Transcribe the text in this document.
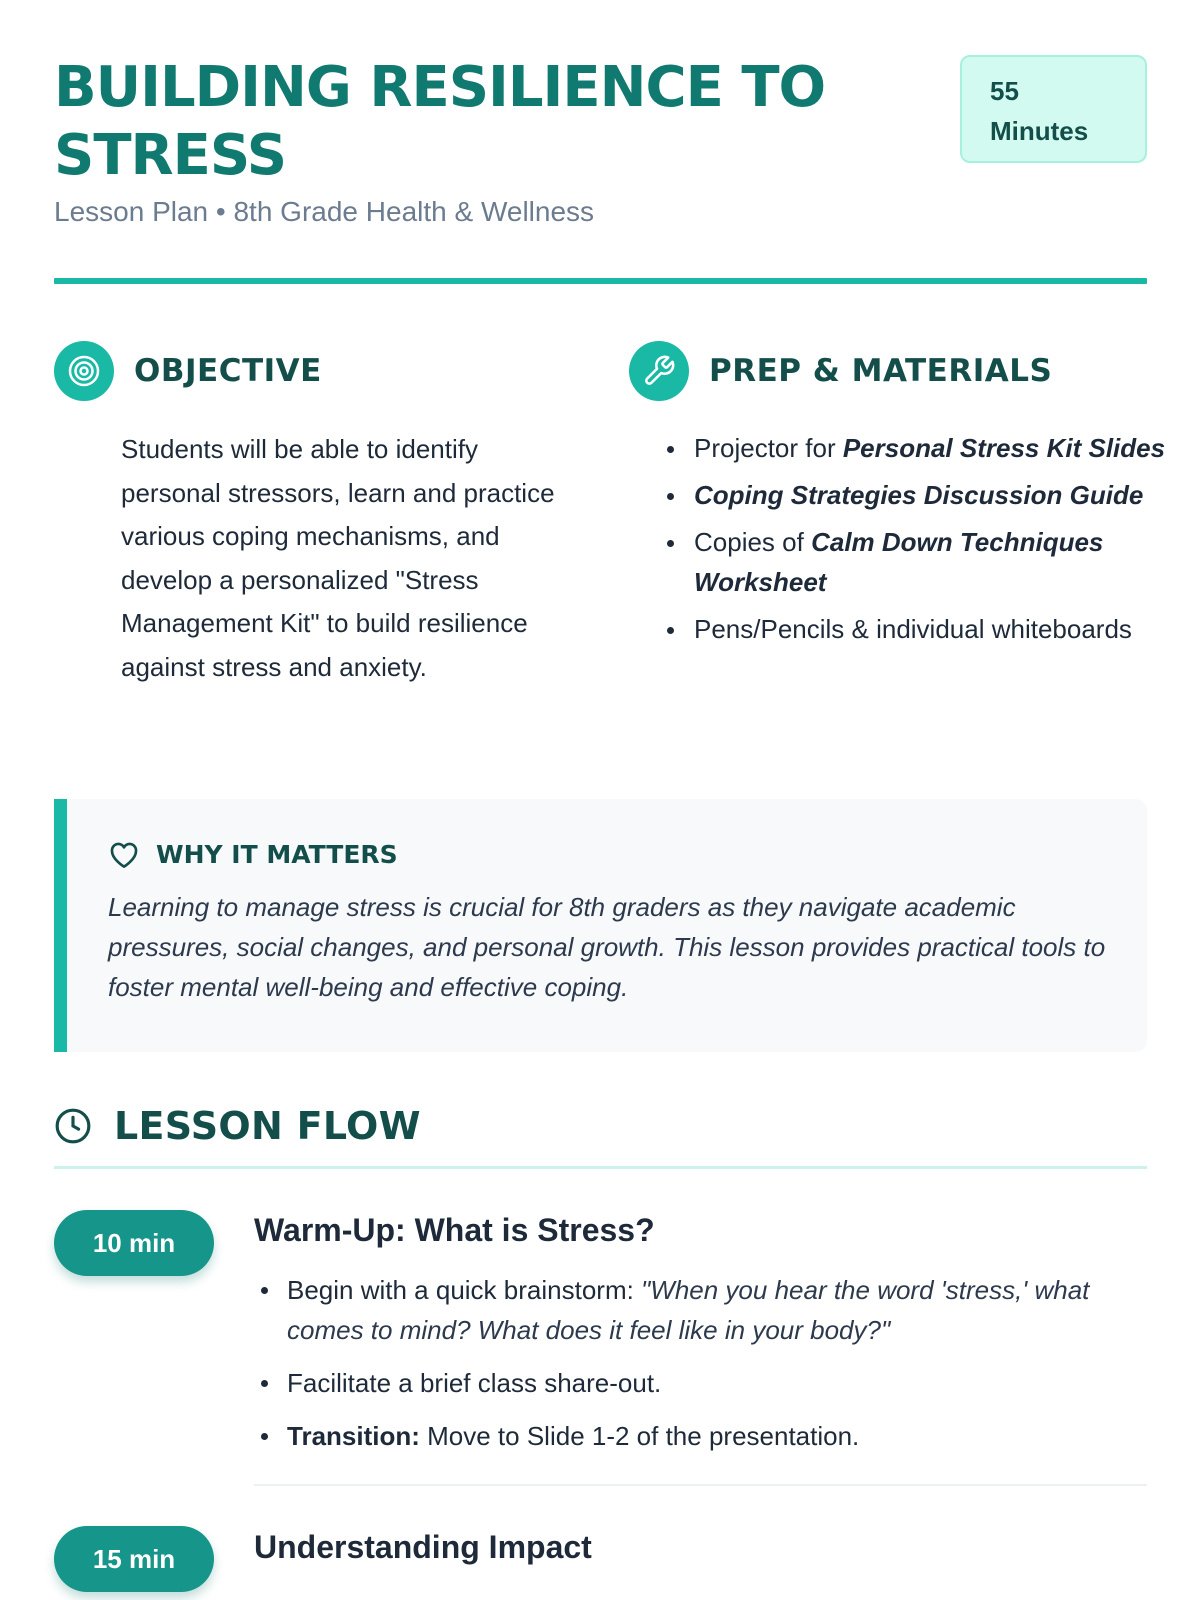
BUILDING RESILIENCE TO STRESS
Lesson Plan • 8th Grade Health & Wellness
55
Minutes
OBJECTIVE

Students will be able to identify personal stressors, learn and practice various coping mechanisms, and develop a personalized "Stress Management Kit" to build resilience against stress and anxiety.

PREP & MATERIALS
Projector for Personal Stress Kit Slides
Coping Strategies Discussion Guide
Copies of Calm Down Techniques Worksheet
Pens/Pencils & individual whiteboards
WHY IT MATTERS

Learning to manage stress is crucial for 8th graders as they navigate academic pressures, social changes, and personal growth. This lesson provides practical tools to foster mental well-being and effective coping.

LESSON FLOW
10 min	Warm-Up: What is Stress?
Begin with a quick brainstorm: "When you hear the word 'stress,' what comes to mind? What does it feel like in your body?"
Facilitate a brief class share-out.
Transition: Move to Slide 1-2 of the presentation.
15 min	Understanding Impact
